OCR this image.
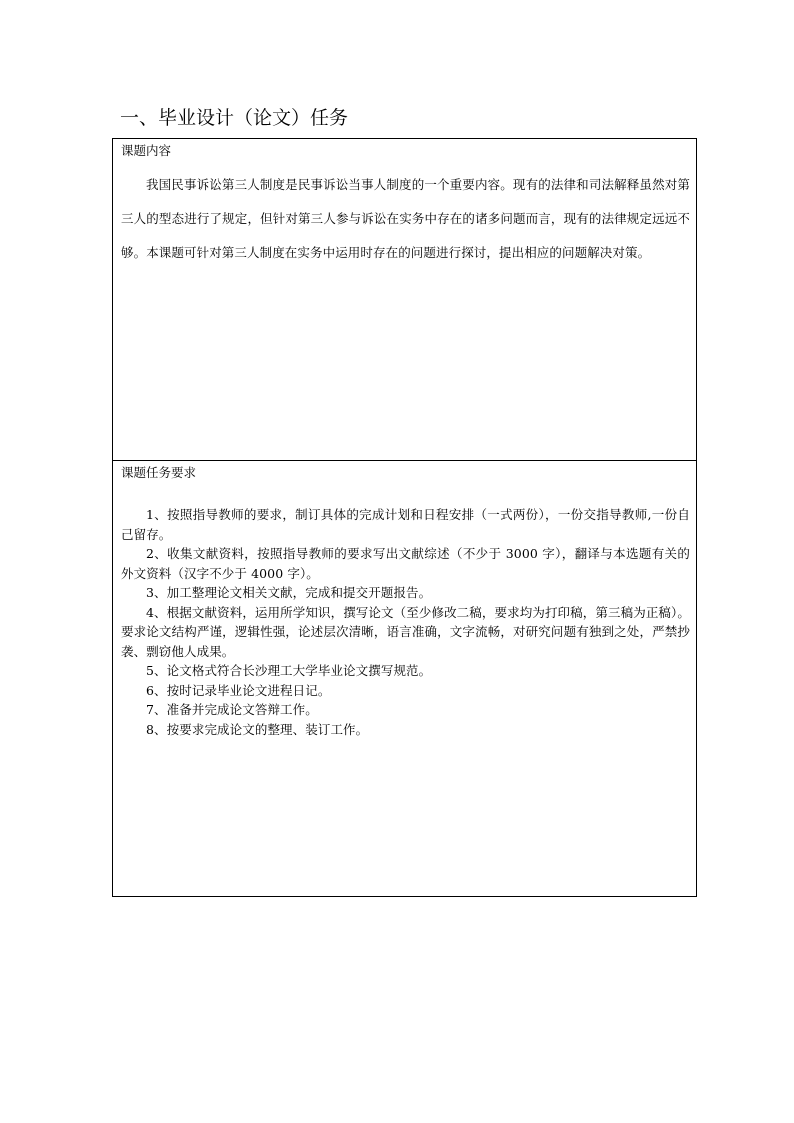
一、毕业设计（论文）任务
课题内容

我国民事诉讼第三人制度是民事诉讼当事人制度的一个重要内容。现有的法律和司法解释虽然对第三人的型态进行了规定，但针对第三人参与诉讼在实务中存在的诸多问题而言，现有的法律规定远远不够。本课题可针对第三人制度在实务中运用时存在的问题进行探讨，提出相应的问题解决对策。

课题任务要求
1、按照指导教师的要求，制订具体的完成计划和日程安排（一式两份），一份交指导教师,一份自己留存。
2、收集文献资料，按照指导教师的要求写出文献综述（不少于 3000 字），翻译与本选题有关的外文资料（汉字不少于 4000 字）。
3、加工整理论文相关文献，完成和提交开题报告。
4、根据文献资料，运用所学知识，撰写论文（至少修改二稿，要求均为打印稿，第三稿为正稿）。要求论文结构严谨，逻辑性强，论述层次清晰，语言准确，文字流畅，对研究问题有独到之处，严禁抄袭、剽窃他人成果。
5、论文格式符合长沙理工大学毕业论文撰写规范。
6、按时记录毕业论文进程日记。
7、准备并完成论文答辩工作。
8、按要求完成论文的整理、装订工作。
